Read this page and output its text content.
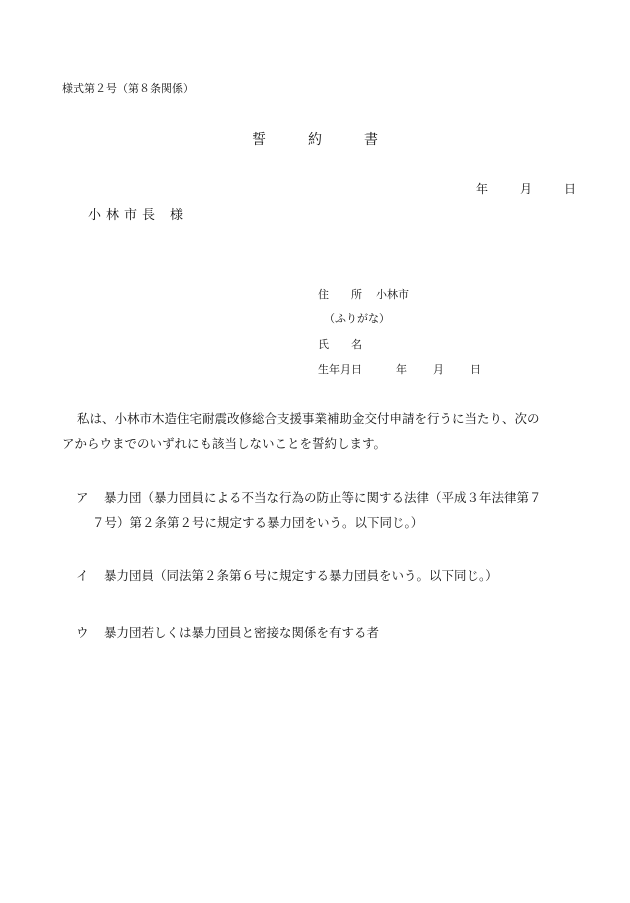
様式第２号（第８条関係）
誓	約	書
年	月	日
小林市長 様
住　　所 小林市
（ふりがな）
氏　　名
生年月日	年 月 日
私は、小林市木造住宅耐震改修総合支援事業補助金交付申請を行うに当たり、次の
アからウまでのいずれにも該当しないことを誓約します。
ア 暴力団（暴力団員による不当な行為の防止等に関する法律（平成３年法律第７
７号）第２条第２号に規定する暴力団をいう。以下同じ。）
イ 暴力団員（同法第２条第６号に規定する暴力団員をいう。以下同じ。）
ウ 暴力団若しくは暴力団員と密接な関係を有する者
